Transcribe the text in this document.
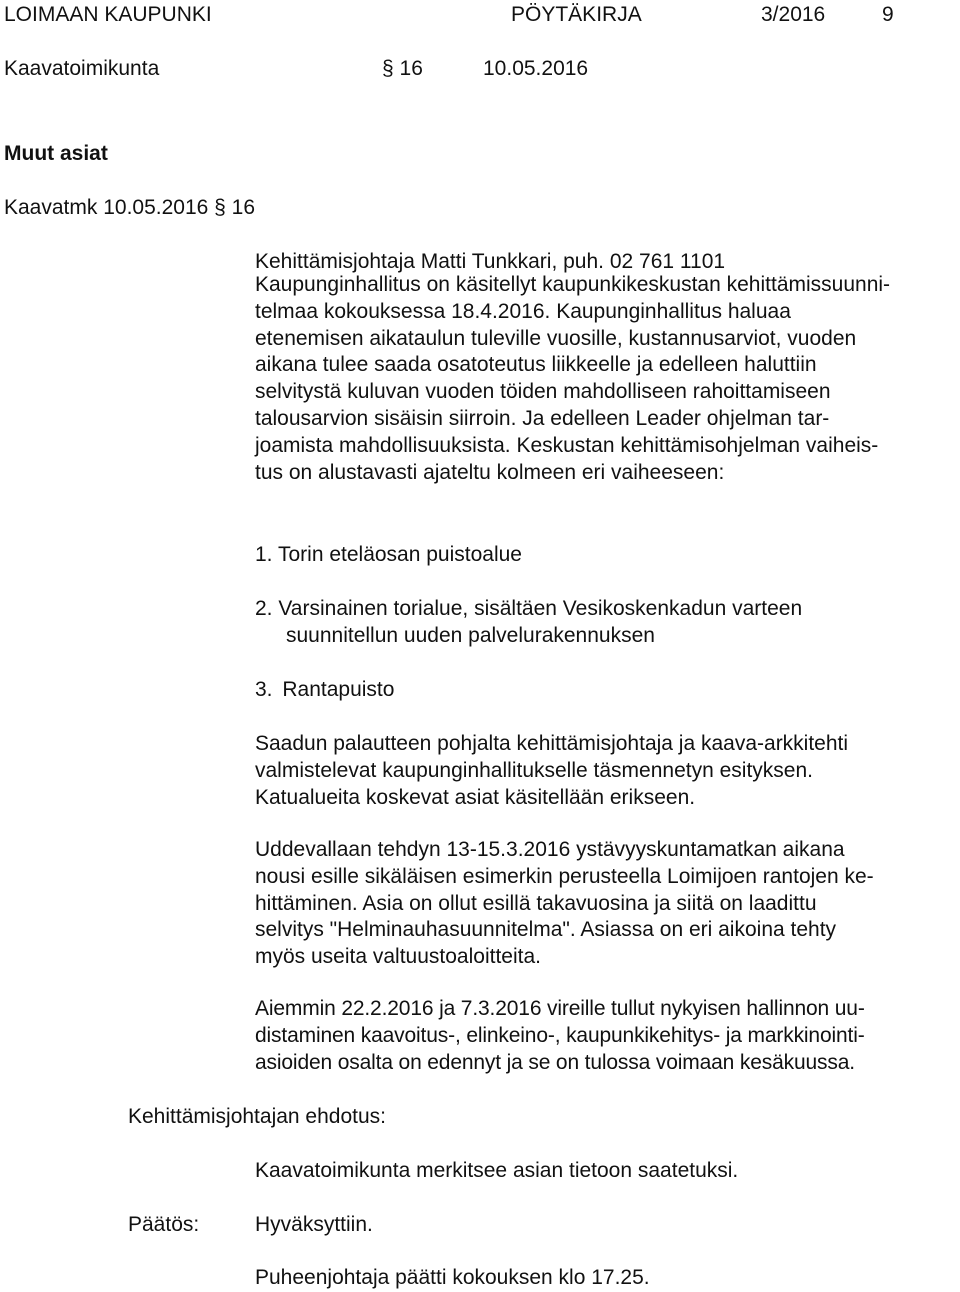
LOIMAAN KAUPUNKI	PÖYTÄKIRJA	3/2016	9
Kaavatoimikunta	§ 16	10.05.2016
Muut asiat
Kaavatmk 10.05.2016 § 16
Kehittämisjohtaja Matti Tunkkari, puh. 02 761 1101
Kaupunginhallitus on käsitellyt kaupunkikeskustan kehittämissuunni-
telmaa kokouksessa 18.4.2016. Kaupunginhallitus haluaa
etenemisen aikataulun tuleville vuosille, kustannusarviot, vuoden
aikana tulee saada osatoteutus liikkeelle ja edelleen haluttiin
selvitystä kuluvan vuoden töiden mahdolliseen rahoittamiseen
talousarvion sisäisin siirroin. Ja edelleen Leader ohjelman tar-
joamista mahdollisuuksista. Keskustan kehittämisohjelman vaiheis-
tus on alustavasti ajateltu kolmeen eri vaiheeseen:
1. Torin eteläosan puistoalue
2. Varsinainen torialue, sisältäen Vesikoskenkadun varteen
suunnitellun uuden palvelurakennuksen
3. Rantapuisto
Saadun palautteen pohjalta kehittämisjohtaja ja kaava-arkkitehti
valmistelevat kaupunginhallitukselle täsmennetyn esityksen.
Katualueita koskevat asiat käsitellään erikseen.
Uddevallaan tehdyn 13-15.3.2016 ystävyyskuntamatkan aikana
nousi esille sikäläisen esimerkin perusteella Loimijoen rantojen ke-
hittäminen. Asia on ollut esillä takavuosina ja siitä on laadittu
selvitys "Helminauhasuunnitelma". Asiassa on eri aikoina tehty
myös useita valtuustoaloitteita.
Aiemmin 22.2.2016 ja 7.3.2016 vireille tullut nykyisen hallinnon uu-
distaminen kaavoitus-, elinkeino-, kaupunkikehitys- ja markkinointi-
asioiden osalta on edennyt ja se on tulossa voimaan kesäkuussa.
Kehittämisjohtajan ehdotus:
Kaavatoimikunta merkitsee asian tietoon saatetuksi.
Päätös:	Hyväksyttiin.
Puheenjohtaja päätti kokouksen klo 17.25.
